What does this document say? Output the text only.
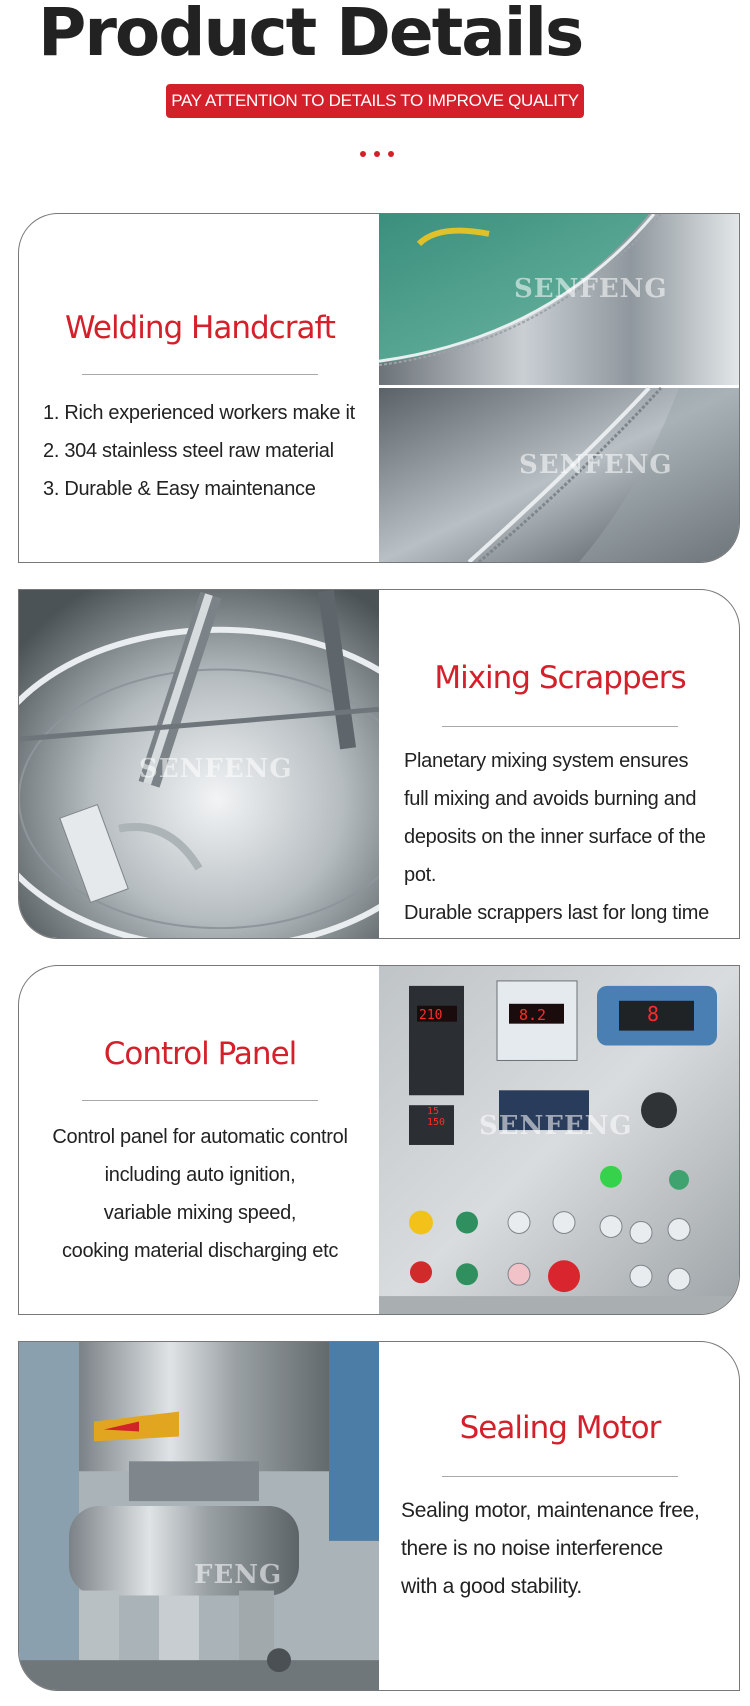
Product Details
PAY ATTENTION TO DETAILS TO IMPROVE QUALITY
Welding Handcraft
1. Rich experienced workers make it
2. 304 stainless steel raw material
3. Durable & Easy maintenance
SENFENG
SENFENG
SENFENG
Mixing Scrappers
Planetary mixing system ensures
full mixing and avoids burning and
deposits on the inner surface of the pot.
Durable scrappers last for long time
Control Panel
Control panel for automatic control
including auto ignition,
variable mixing speed,
cooking material discharging etc
210	8.2
15
150
8
SENFENG
FENG
Sealing Motor
Sealing motor, maintenance free,
there is no noise interference
with a good stability.
